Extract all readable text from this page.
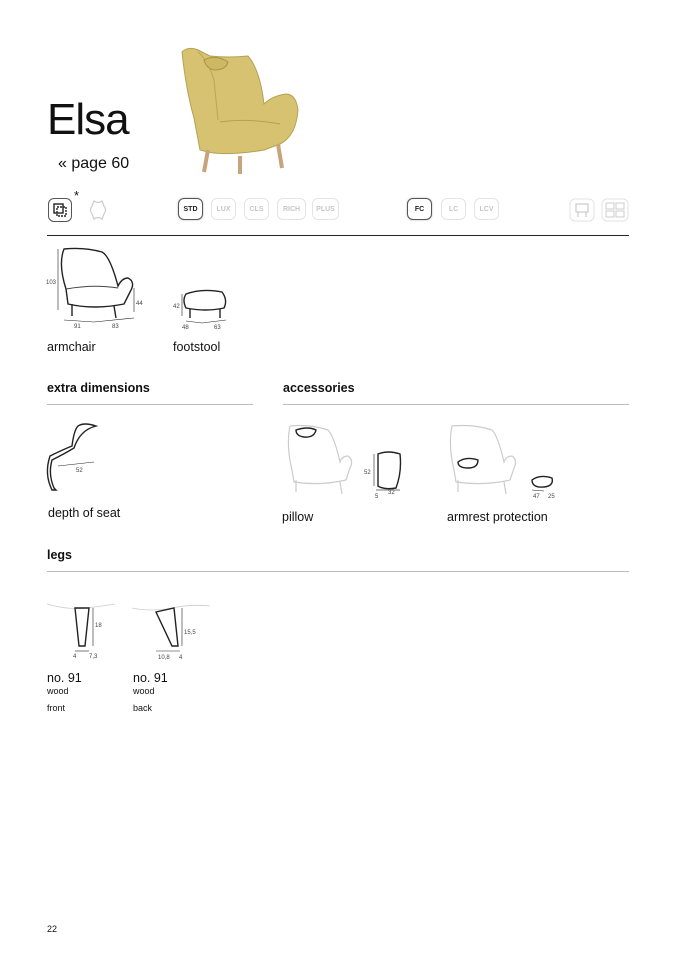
Elsa
« page 60
*
STD	LUX	CLS	RICH	PLUS	FC	LC	LCV
103
44
91	83
armchair
42
48	63
footstool
extra dimensions	accessories
52
depth of seat
52
5
32
pillow
47 25
armrest protection
legs
18
4 7,3
no. 91
wood
front
15,5
10,8 4
no. 91
wood
back
22
